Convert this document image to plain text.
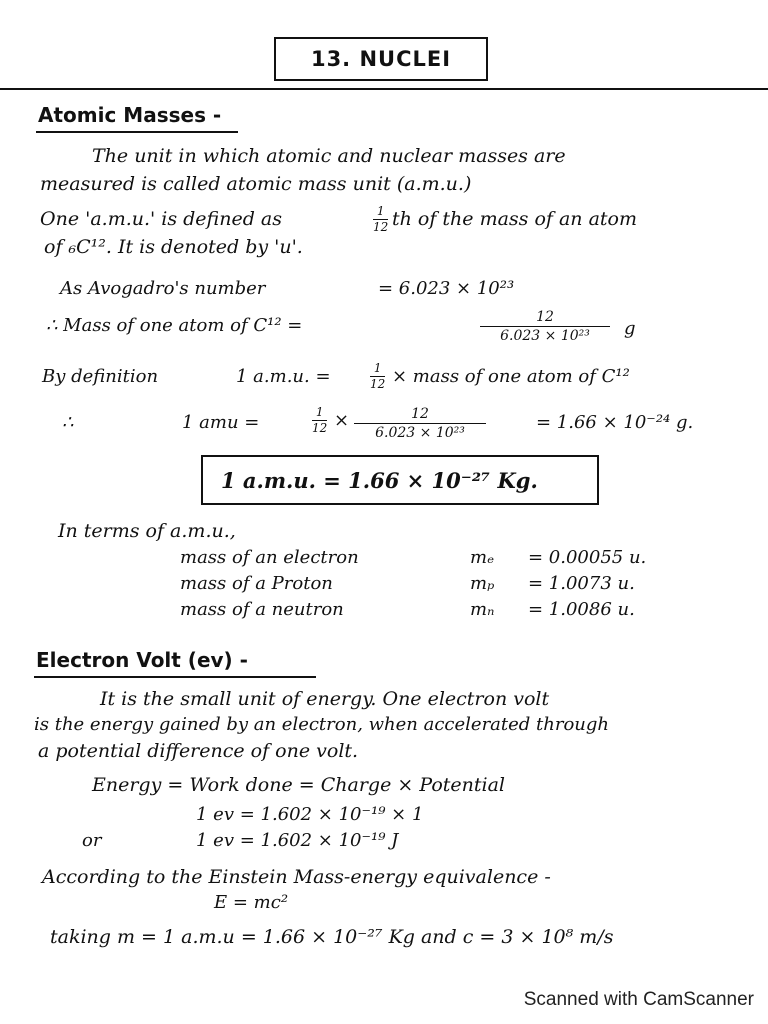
13. NUCLEI
Atomic Masses -
The unit in which atomic and nuclear masses are
measured is called atomic mass unit (a.m.u.)
One 'a.m.u.' is defined as	1
12 th of the mass of an atom
of ₆C¹². It is denoted by 'u'.
As Avogadro's number	= 6.023 × 10²³
∴ Mass of one atom of C¹² =	12
6.023 × 10²³ g
By definition	1 a.m.u. =	1
12 × mass of one atom of C¹²
∴	1 amu =	1
12 ×	12
6.023 × 10²³	= 1.66 × 10⁻²⁴ g.
1 a.m.u. = 1.66 × 10⁻²⁷ Kg.
In terms of a.m.u.,
mass of an electron	mₑ = 0.00055 u.
mass of a Proton	mₚ = 1.0073 u.
mass of a neutron	mₙ = 1.0086 u.
Electron Volt (ev) -
It is the small unit of energy. One electron volt
is the energy gained by an electron, when accelerated through
a potential difference of one volt.
Energy = Work done = Charge × Potential
1 ev = 1.602 × 10⁻¹⁹ × 1
or	1 ev = 1.602 × 10⁻¹⁹ J
According to the Einstein Mass-energy equivalence -
E = mc²
taking m = 1 a.m.u = 1.66 × 10⁻²⁷ Kg and c = 3 × 10⁸ m/s
Scanned with CamScanner
